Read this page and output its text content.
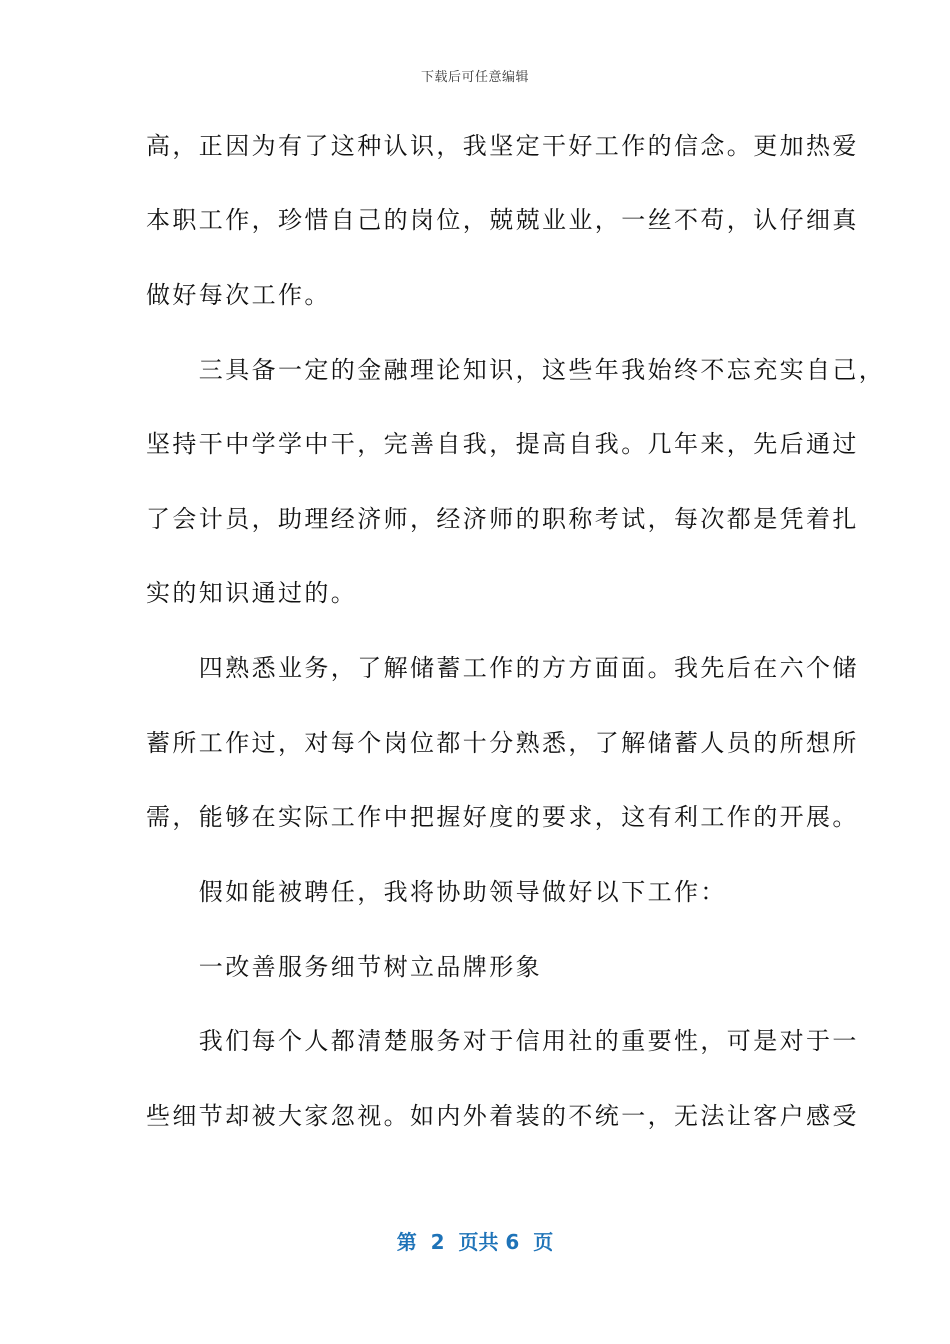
下载后可任意编辑
高，正因为有了这种认识，我坚定干好工作的信念。更加热爱
本职工作，珍惜自己的岗位，兢兢业业，一丝不苟，认仔细真
做好每次工作。
　　三具备一定的金融理论知识，这些年我始终不忘充实自己，
坚持干中学学中干，完善自我，提高自我。几年来，先后通过
了会计员，助理经济师，经济师的职称考试，每次都是凭着扎
实的知识通过的。
　　四熟悉业务，了解储蓄工作的方方面面。我先后在六个储
蓄所工作过，对每个岗位都十分熟悉，了解储蓄人员的所想所
需，能够在实际工作中把握好度的要求，这有利工作的开展。
　　假如能被聘任，我将协助领导做好以下工作：
　　一改善服务细节树立品牌形象
　　我们每个人都清楚服务对于信用社的重要性，可是对于一
些细节却被大家忽视。如内外着装的不统一，无法让客户感受
第  2  页共 6  页
